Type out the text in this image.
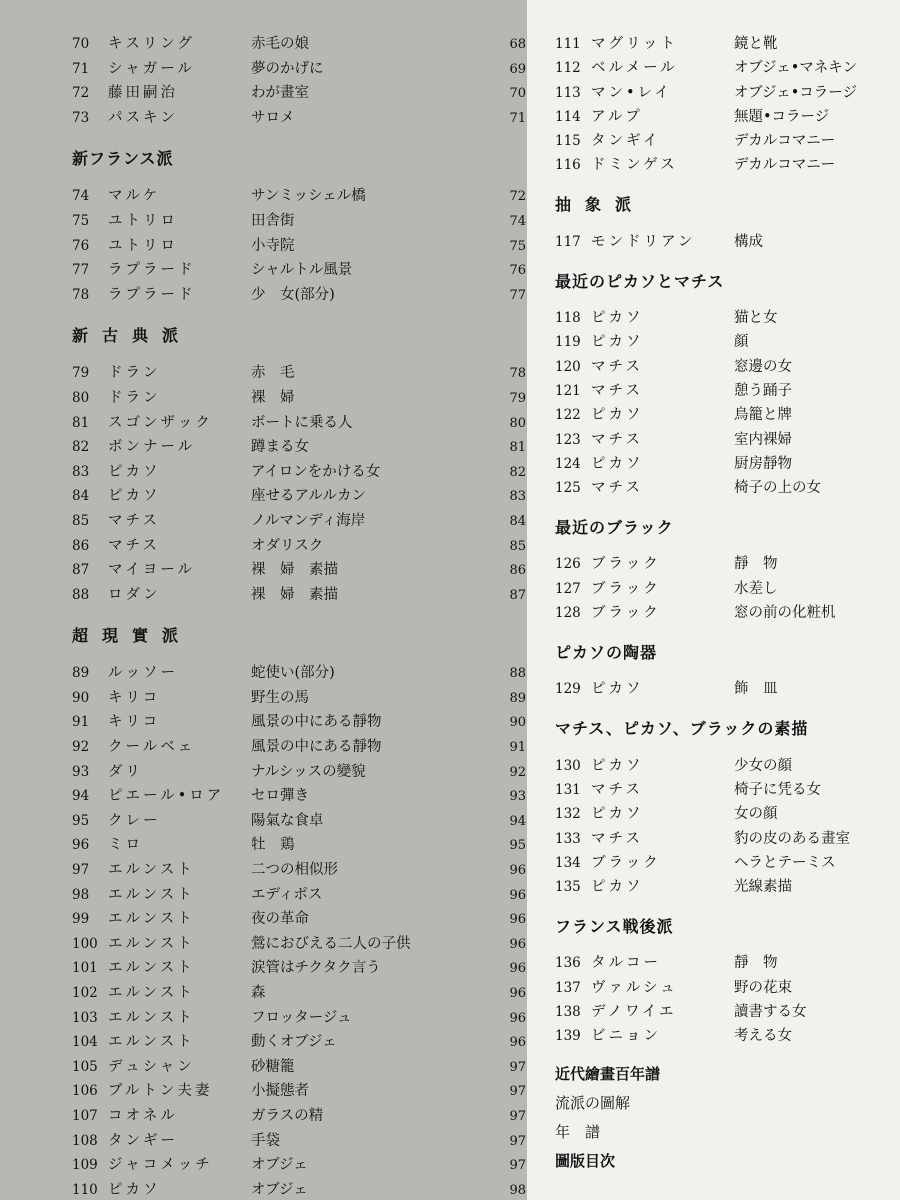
70	キスリング	赤毛の娘	68
71	シャガール	夢のかげに	69
72	藤田嗣治	わが畫室	70
73	パスキン	サロメ	71
新フランス派
74	マルケ	サンミッシェル橋	72
75	ユトリロ	田舎街	74
76	ユトリロ	小寺院	75
77	ラプラード	シャルトル風景	76
78	ラプラード	少　女(部分)	77
新古典派
79	ドラン	赤　毛	78
80	ドラン	裸　婦	79
81	スゴンザック	ボートに乗る人	80
82	ボンナール	蹲まる女	81
83	ピカソ	アイロンをかける女	82
84	ピカソ	座せるアルルカン	83
85	マチス	ノルマンディ海岸	84
86	マチス	オダリスク	85
87	マイヨール	裸　婦　素描	86
88	ロダン	裸　婦　素描	87
超現實派
89	ルッソー	蛇使い(部分)	88
90	キリコ	野生の馬	89
91	キリコ	風景の中にある靜物	90
92	クールベェ	風景の中にある靜物	91
93	ダリ	ナルシッスの變貌	92
94	ピエール•ロア	セロ彈き	93
95	クレー	陽氣な食卓	94
96	ミロ	牡　鶏	95
97	エルンスト	二つの相似形	96
98	エルンスト	エディポス	96
99	エルンスト	夜の革命	96
100 エルンスト	鶯におびえる二人の子供	96
101 エルンスト	涙管はチクタク言う	96
102 エルンスト	森	96
103 エルンスト	フロッタージュ	96
104 エルンスト	動くオブジェ	96
105 デュシャン	砂糖籠	97
106 ブルトン夫妻	小擬態者	97
107 コオネル	ガラスの精	97
108 タンギー	手袋	97
109 ジャコメッチ	オブジェ	97
110 ピカソ	オブジェ	98
111 マグリット	鏡と靴
112 ベルメール	オブジェ•マネキン
113 マン•レイ	オブジェ•コラージ
114 アルプ	無題•コラージ
115 タンギイ	デカルコマニー
116 ドミンゲス	デカルコマニー
抽象派
117 モンドリアン	構成
最近のピカソとマチス
118 ピカソ	猫と女
119 ピカソ	顔
120 マチス	窓邊の女
121 マチス	憩う踊子
122 ピカソ	鳥籠と牌
123 マチス	室内裸婦
124 ピカソ	厨房靜物
125 マチス	椅子の上の女
最近のブラック
126 ブラック	靜　物
127 ブラック	水差し
128 ブラック	窓の前の化粧机
ピカソの陶器
129 ピカソ	飾　皿
マチス、ピカソ、ブラックの素描
130 ピカソ	少女の顔
131 マチス	椅子に凭る女
132 ピカソ	女の顔
133 マチス	豹の皮のある畫室
134 ブラック	ヘラとテーミス
135 ピカソ	光線素描
フランス戦後派
136 タルコー	靜　物
137 ヴァルシュ	野の花束
138 デノワイエ	讀書する女
139 ビニョン	考える女
近代繪畫百年譜
流派の圖解
年　譜
圖版目次
